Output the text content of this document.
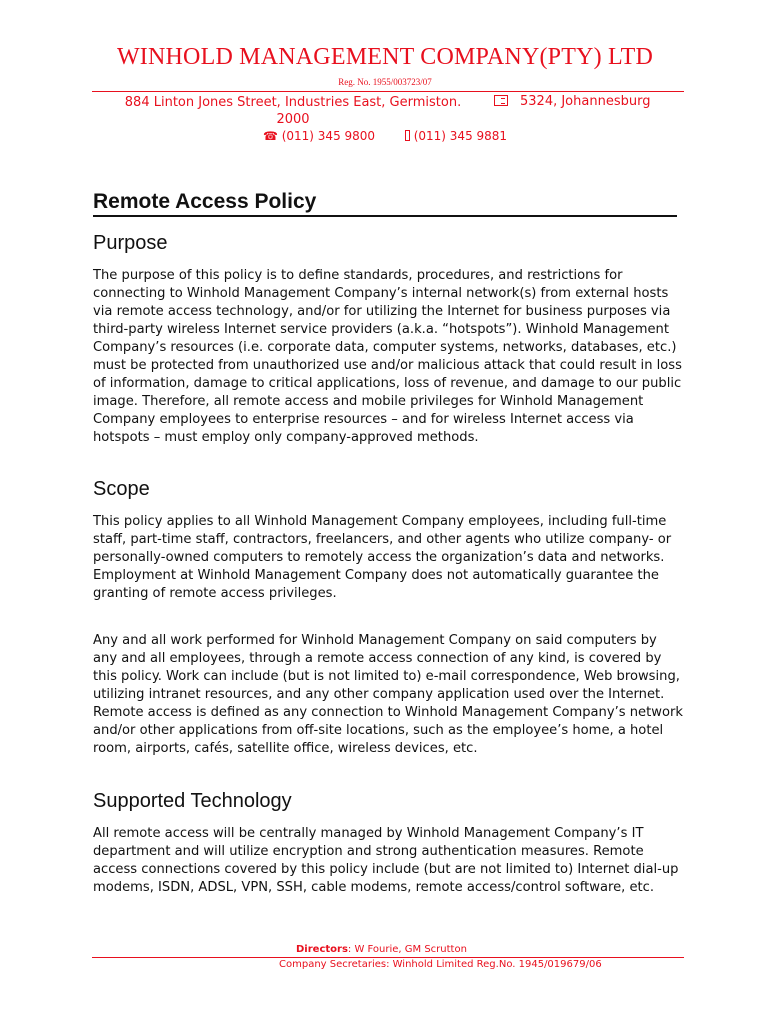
WINHOLD MANAGEMENT COMPANY(PTY) LTD
Reg. No. 1955/003723/07
884 Linton Jones Street, Industries East, Germiston.
2000
5324, Johannesburg
☎ (011) 345 9800	(011) 345 9881
Remote Access Policy
Purpose

The purpose of this policy is to define standards, procedures, and restrictions for connecting to Winhold Management Company’s internal network(s) from external hosts via remote access technology, and/or for utilizing the Internet for business purposes via third-party wireless Internet service providers (a.k.a. “hotspots”). Winhold Management Company’s resources (i.e. corporate data, computer systems, networks, databases, etc.) must be protected from unauthorized use and/or malicious attack that could result in loss of information, damage to critical applications, loss of revenue, and damage to our public image. Therefore, all remote access and mobile privileges for Winhold Management Company employees to enterprise resources – and for wireless Internet access via hotspots – must employ only company-approved methods.

Scope

This policy applies to all Winhold Management Company employees, including full-time staff, part-time staff, contractors, freelancers, and other agents who utilize company- or personally-owned computers to remotely access the organization’s data and networks. Employment at Winhold Management Company does not automatically guarantee the granting of remote access privileges.

Any and all work performed for Winhold Management Company on said computers by any and all employees, through a remote access connection of any kind, is covered by this policy. Work can include (but is not limited to) e-mail correspondence, Web browsing, utilizing intranet resources, and any other company application used over the Internet. Remote access is defined as any connection to Winhold Management Company’s network and/or other applications from off-site locations, such as the employee’s home, a hotel room, airports, cafés, satellite office, wireless devices, etc.

Supported Technology

All remote access will be centrally managed by Winhold Management Company’s IT department and will utilize encryption and strong authentication measures. Remote access connections covered by this policy include (but are not limited to) Internet dial-up modems, ISDN, ADSL, VPN, SSH, cable modems, remote access/control software, etc.

Directors: W Fourie, GM Scrutton
Company Secretaries: Winhold Limited Reg.No. 1945/019679/06
